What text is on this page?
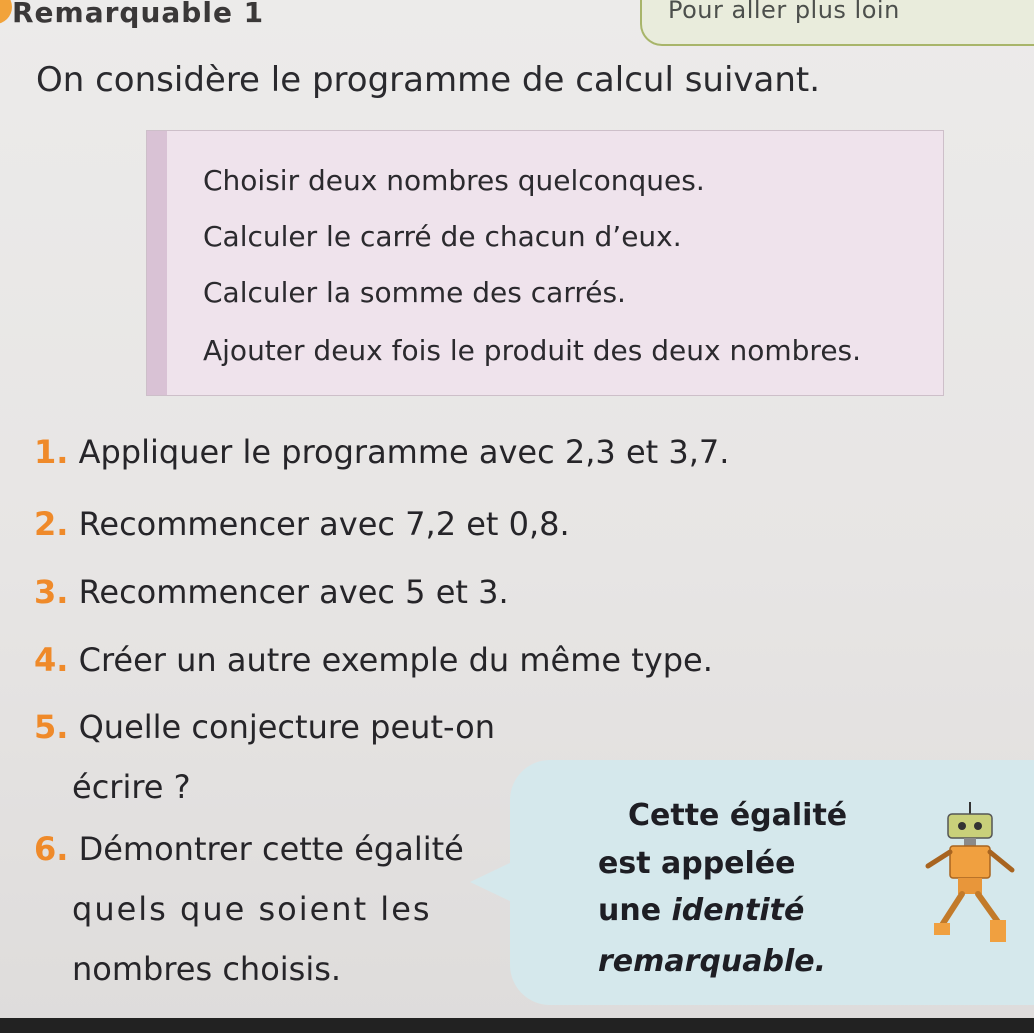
Remarquable 1	Pour aller plus loin
On considère le programme de calcul suivant.
Choisir deux nombres quelconques.
Calculer le carré de chacun d’eux.
Calculer la somme des carrés.
Ajouter deux fois le produit des deux nombres.
1. Appliquer le programme avec 2,3 et 3,7.
2. Recommencer avec 7,2 et 0,8.
3. Recommencer avec 5 et 3.
4. Créer un autre exemple du même type.
5. Quelle conjecture peut-on
écrire ?
6. Démontrer cette égalité
quels que soient les
nombres choisis.
Cette égalité
est appelée
une identité
remarquable.
